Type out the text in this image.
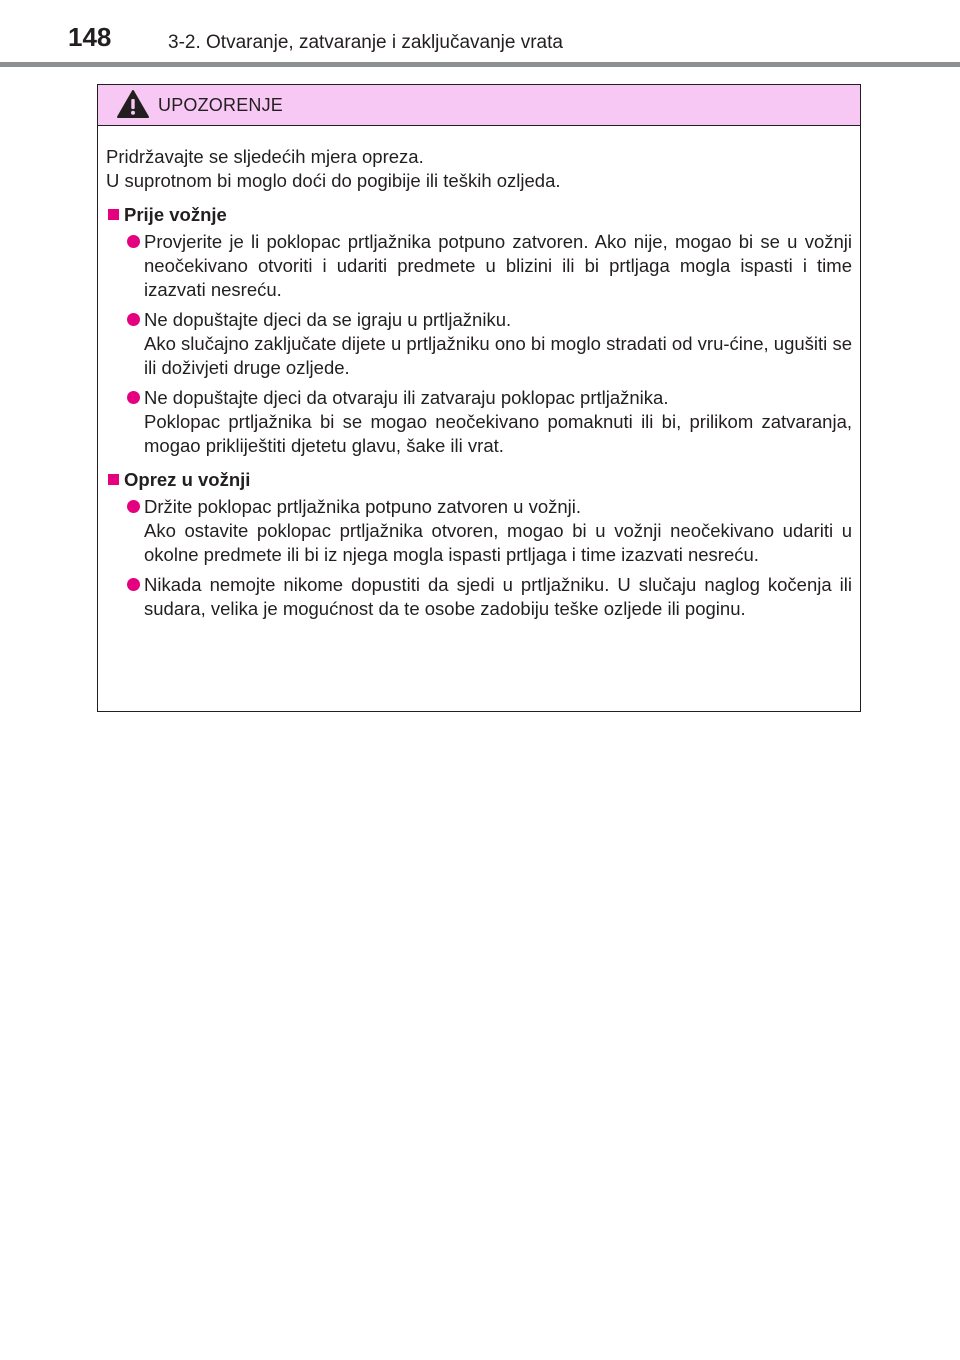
148	3-2. Otvaranje, zatvaranje i zaključavanje vrata
UPOZORENJE

Pridržavajte se sljedećih mjera opreza.

U suprotnom bi moglo doći do pogibije ili teških ozljeda.

Prije vožnje
Provjerite je li poklopac prtljažnika potpuno zatvoren. Ako nije, mogao bi se u vožnji neočekivano otvoriti i udariti predmete u blizini ili bi prtljaga mogla ispasti i time izazvati nesreću.
Ne dopuštajte djeci da se igraju u prtljažniku.
Ako slučajno zaključate dijete u prtljažniku ono bi moglo stradati od vru-ćine, ugušiti se ili doživjeti druge ozljede.
Ne dopuštajte djeci da otvaraju ili zatvaraju poklopac prtljažnika.
Poklopac prtljažnika bi se mogao neočekivano pomaknuti ili bi, prilikom zatvaranja, mogao prikliještiti djetetu glavu, šake ili vrat.
Oprez u vožnji
Držite poklopac prtljažnika potpuno zatvoren u vožnji.
Ako ostavite poklopac prtljažnika otvoren, mogao bi u vožnji neočekivano udariti u okolne predmete ili bi iz njega mogla ispasti prtljaga i time izazvati nesreću.
Nikada nemojte nikome dopustiti da sjedi u prtljažniku. U slučaju naglog kočenja ili sudara, velika je mogućnost da te osobe zadobiju teške ozljede ili poginu.
